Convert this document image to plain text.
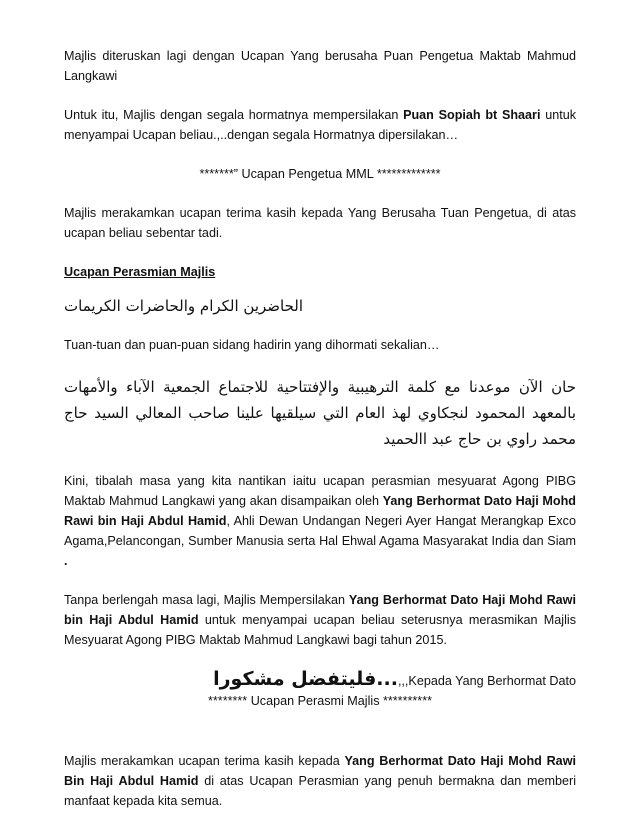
Majlis diteruskan lagi dengan Ucapan Yang berusaha Puan Pengetua Maktab Mahmud Langkawi

Untuk itu, Majlis dengan segala hormatnya mempersilakan Puan Sopiah bt Shaari untuk menyampai Ucapan beliau.,..dengan segala Hormatnya dipersilakan…

*******” Ucapan Pengetua MML *************

Majlis merakamkan ucapan terima kasih kepada Yang Berusaha Tuan Pengetua, di atas ucapan beliau sebentar tadi.

Ucapan Perasmian Majlis

الحاضرين الكرام والحاضرات الكريمات

Tuan-tuan dan puan-puan sidang hadirin yang dihormati sekalian…

حان الآن موعدنا مع كلمة الترهيبية والإفتتاحية للاجتماع الجمعية الآباء والأمهات بالمعهد المحمود لنجكاوي لهذ العام التي سيلقيها علينا صاحب المعالي السيد حاج محمد راوي بن حاج عبد االحميد

Kini, tibalah masa yang kita nantikan iaitu ucapan perasmian mesyuarat Agong PIBG Maktab Mahmud Langkawi yang akan disampaikan oleh Yang Berhormat Dato Haji Mohd Rawi bin Haji Abdul Hamid, Ahli Dewan Undangan Negeri Ayer Hangat Merangkap Exco Agama,Pelancongan, Sumber Manusia serta Hal Ehwal Agama Masyarakat India dan Siam .

Tanpa berlengah masa lagi, Majlis Mempersilakan Yang Berhormat Dato Haji Mohd Rawi bin Haji Abdul Hamid untuk menyampai ucapan beliau seterusnya merasmikan Majlis Mesyuarat Agong PIBG Maktab Mahmud Langkawi bagi tahun 2015.

...فليتفضل مشكورا ,,,Kepada Yang Berhormat Dato

******** Ucapan Perasmi Majlis **********

Majlis merakamkan ucapan terima kasih kepada Yang Berhormat Dato Haji Mohd Rawi Bin Haji Abdul Hamid di atas Ucapan Perasmian yang penuh bermakna dan memberi manfaat kepada kita semua.
